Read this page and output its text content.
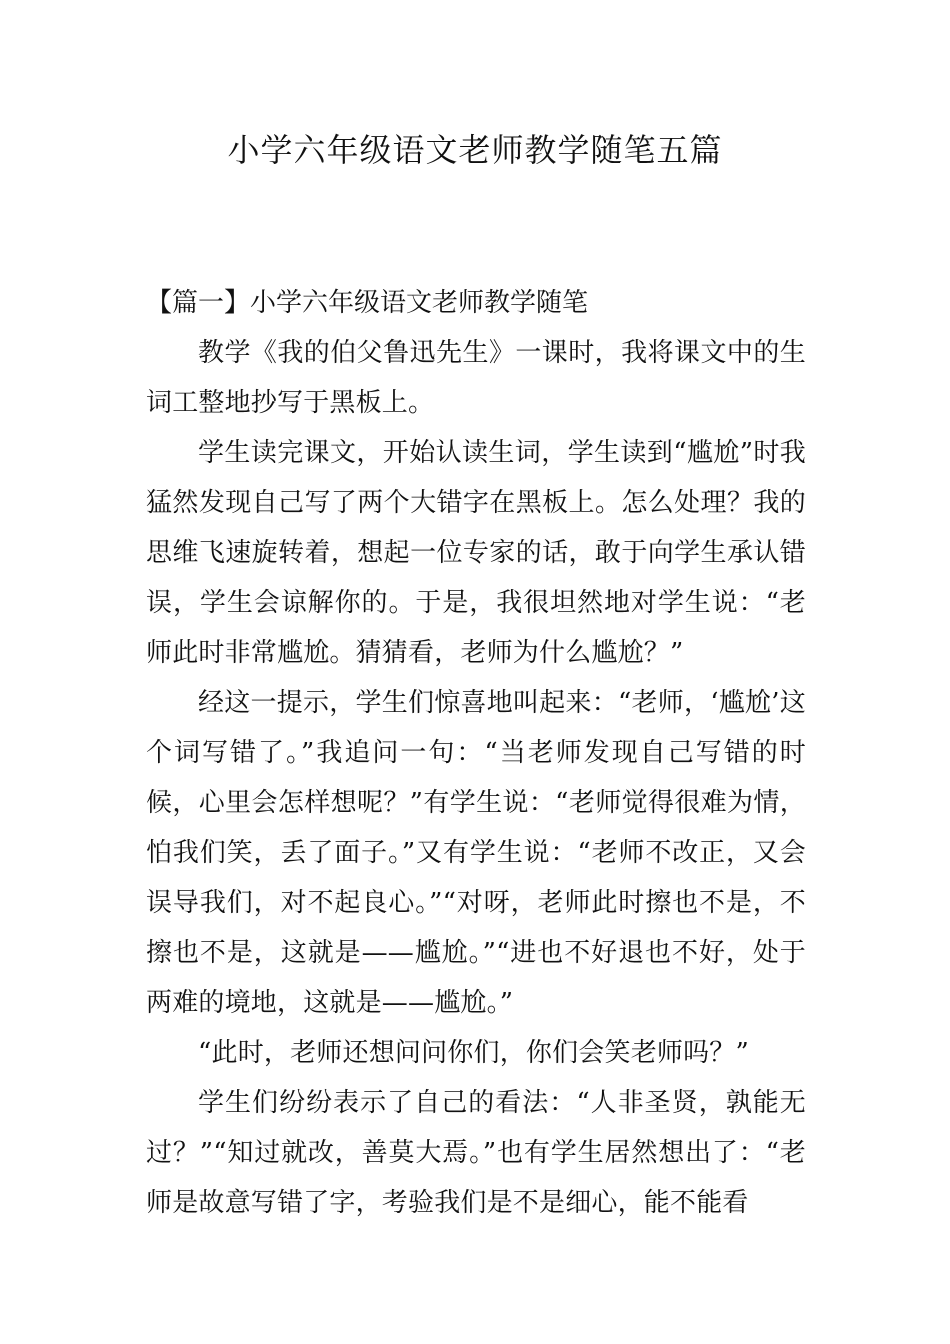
小学六年级语文老师教学随笔五篇

【篇一】小学六年级语文老师教学随笔

教学《我的伯父鲁迅先生》一课时，我将课文中的生词工整地抄写于黑板上。

学生读完课文，开始认读生词，学生读到“尴尬”时我猛然发现自己写了两个大错字在黑板上。怎么处理？我的思维飞速旋转着，想起一位专家的话，敢于向学生承认错误，学生会谅解你的。于是，我很坦然地对学生说：“老师此时非常尴尬。猜猜看，老师为什么尴尬？”

经这一提示，学生们惊喜地叫起来：“老师，‘尴尬’这个词写错了。”我追问一句：“当老师发现自己写错的时候，心里会怎样想呢？”有学生说：“老师觉得很难为情，怕我们笑，丢了面子。”又有学生说：“老师不改正，又会误导我们，对不起良心。”“对呀，老师此时擦也不是，不擦也不是，这就是——尴尬。”“进也不好退也不好，处于两难的境地，这就是——尴尬。”

“此时，老师还想问问你们，你们会笑老师吗？”

学生们纷纷表示了自己的看法：“人非圣贤，孰能无过？”“知过就改，善莫大焉。”也有学生居然想出了：“老师是故意写错了字，考验我们是不是细心，能不能看
